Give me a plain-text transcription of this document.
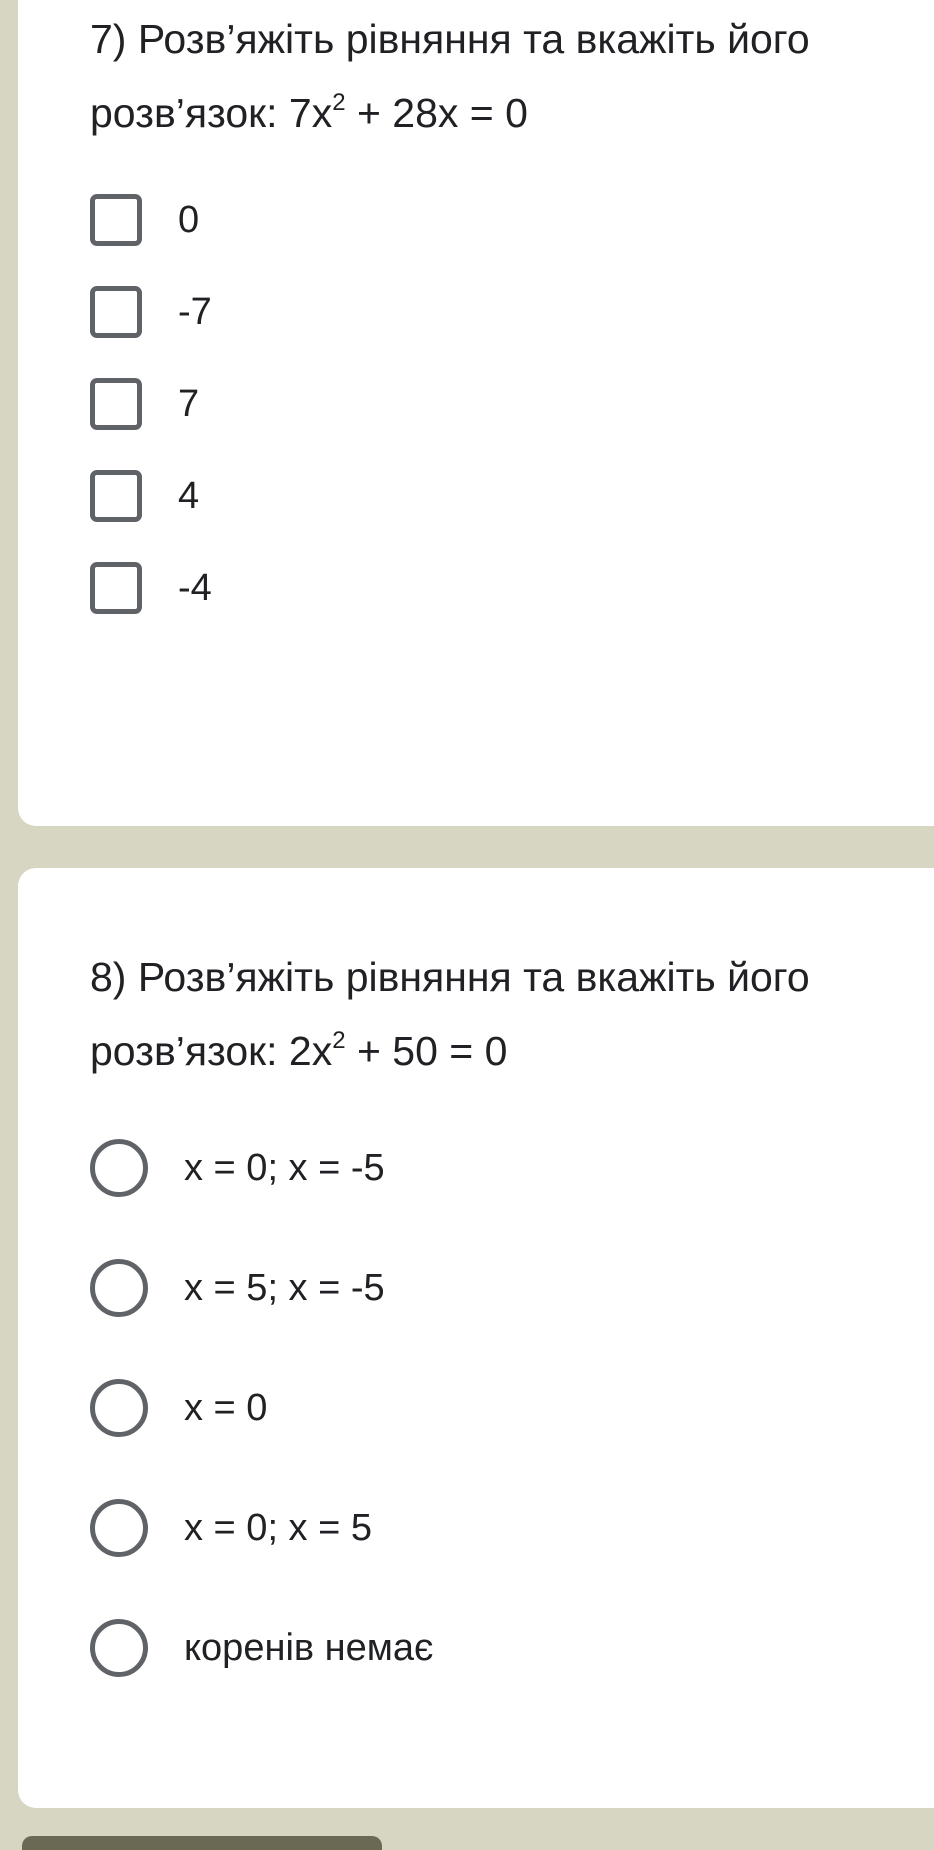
7) Розв’яжіть рівняння та вкажіть його розв’язок: $7x^2 + 28x = 0$
0
-7
7
4
-4
8) Розв’яжіть рівняння та вкажіть його розв’язок: $2x^2 + 50 = 0$
x = 0; x = -5
x = 5; x = -5
x = 0
x = 0; x = 5
коренів немає
